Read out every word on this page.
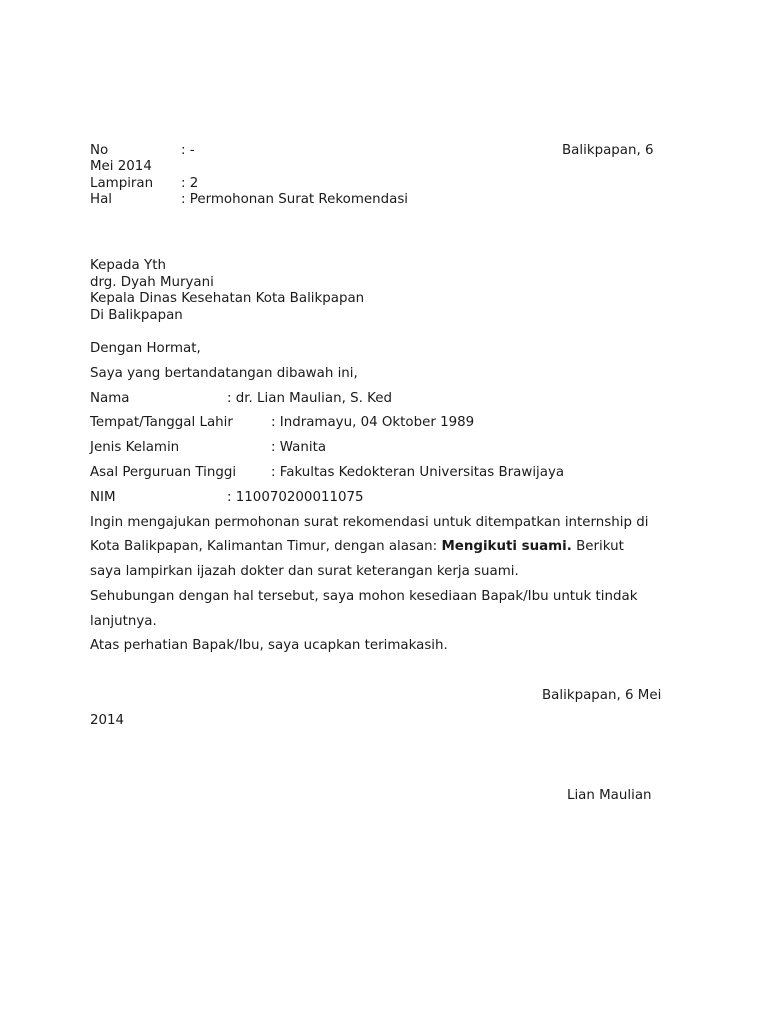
No	: -	Balikpapan, 6
Mei 2014
Lampiran : 2
Hal	: Permohonan Surat Rekomendasi
Kepada Yth
drg. Dyah Muryani
Kepala Dinas Kesehatan Kota Balikpapan
Di Balikpapan
Dengan Hormat,
Saya yang bertandatangan dibawah ini,
Nama	: dr. Lian Maulian, S. Ked
Tempat/Tanggal Lahir	: Indramayu, 04 Oktober 1989
Jenis Kelamin	: Wanita
Asal Perguruan Tinggi	: Fakultas Kedokteran Universitas Brawijaya
NIM	: 110070200011075
Ingin mengajukan permohonan surat rekomendasi untuk ditempatkan internship di
Kota Balikpapan, Kalimantan Timur, dengan alasan: Mengikuti suami. Berikut
saya lampirkan ijazah dokter dan surat keterangan kerja suami.
Sehubungan dengan hal tersebut, saya mohon kesediaan Bapak/Ibu untuk tindak
lanjutnya.
Atas perhatian Bapak/Ibu, saya ucapkan terimakasih.
Balikpapan, 6 Mei
2014
Lian Maulian
